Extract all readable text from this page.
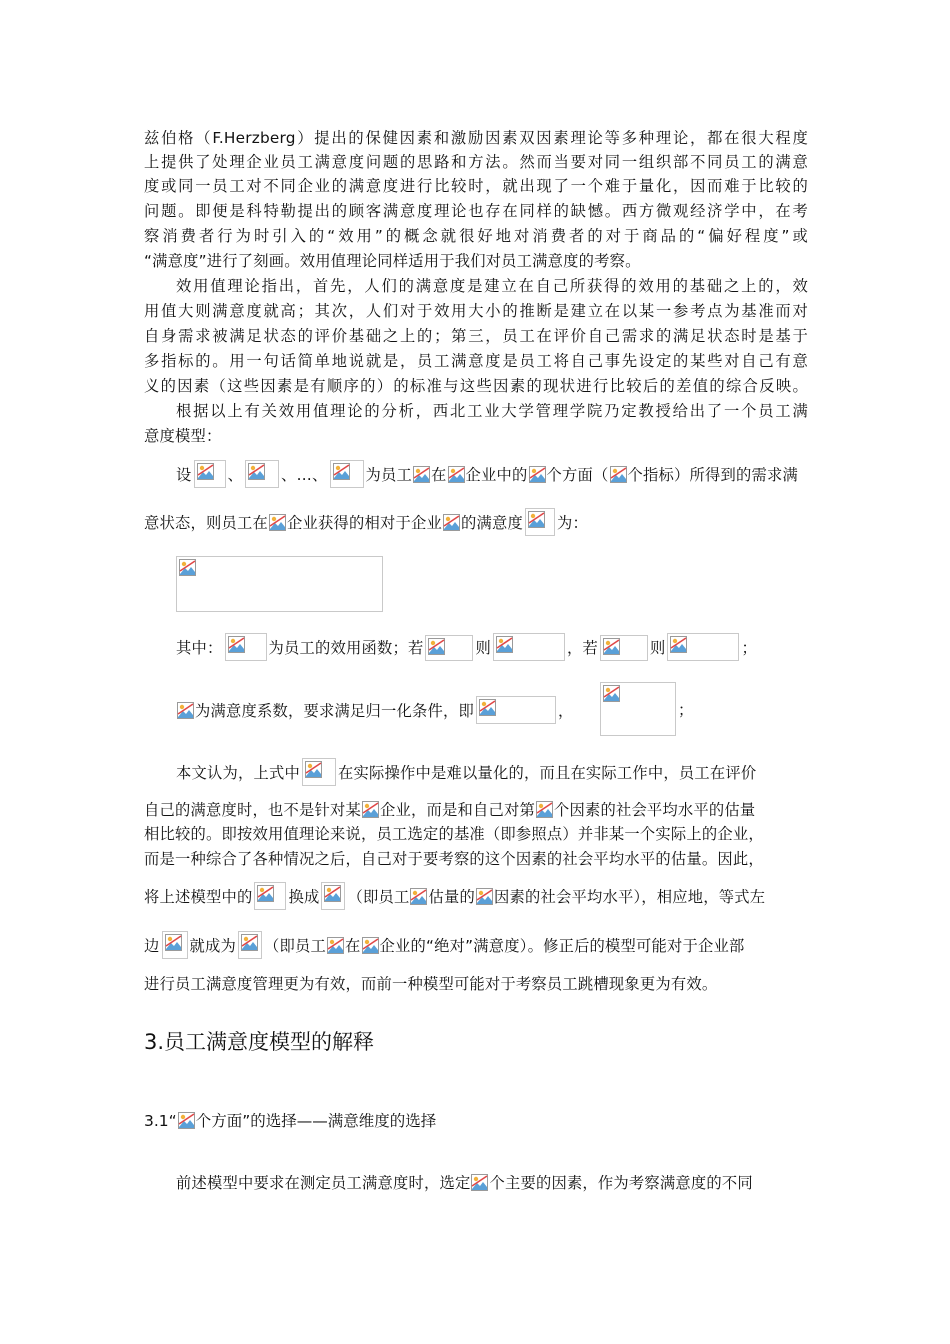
兹伯格（F.Herzberg）提出的保健因素和激励因素双因素理论等多种理论，都在很大程度
上提供了处理企业员工满意度问题的思路和方法。然而当要对同一组织部不同员工的满意
度或同一员工对不同企业的满意度进行比较时，就出现了一个难于量化，因而难于比较的
问题。即便是科特勒提出的顾客满意度理论也存在同样的缺憾。西方微观经济学中，在考
察消费者行为时引入的“效用”的概念就很好地对消费者的对于商品的“偏好程度”或
“满意度”进行了刻画。效用值理论同样适用于我们对员工满意度的考察。
效用值理论指出，首先，人们的满意度是建立在自己所获得的效用的基础之上的，效
用值大则满意度就高；其次，人们对于效用大小的推断是建立在以某一参考点为基准而对
自身需求被满足状态的评价基础之上的；第三，员工在评价自己需求的满足状态时是基于
多指标的。用一句话简单地说就是，员工满意度是员工将自己事先设定的某些对自己有意
义的因素（这些因素是有顺序的）的标准与这些因素的现状进行比较后的差值的综合反映。
根据以上有关效用值理论的分析，西北工业大学管理学院乃定教授给出了一个员工满
意度模型：
设 、 、…、 为员工 在 企业中的 个方面（ 个指标）所得到的需求满
意状态，则员工在 企业获得的相对于企业 的满意度 为：
其中：	为员工的效用函数；若	则	，若	则	；
为满意度系数，要求满足归一化条件，即	，	；
本文认为，上式中 在实际操作中是难以量化的，而且在实际工作中，员工在评价
自己的满意度时，也不是针对某 企业，而是和自己对第 个因素的社会平均水平的估量
相比较的。即按效用值理论来说，员工选定的基准（即参照点）并非某一个实际上的企业，
而是一种综合了各种情况之后，自己对于要考察的这个因素的社会平均水平的估量。因此，
将上述模型中的 换成 （即员工 估量的 因素的社会平均水平），相应地，等式左
边 就成为 （即员工 在 企业的“绝对”满意度）。修正后的模型可能对于企业部
进行员工满意度管理更为有效，而前一种模型可能对于考察员工跳槽现象更为有效。
3.员工满意度模型的解释
3.1“ 个方面”的选择——满意维度的选择
前述模型中要求在测定员工满意度时，选定 个主要的因素，作为考察满意度的不同
